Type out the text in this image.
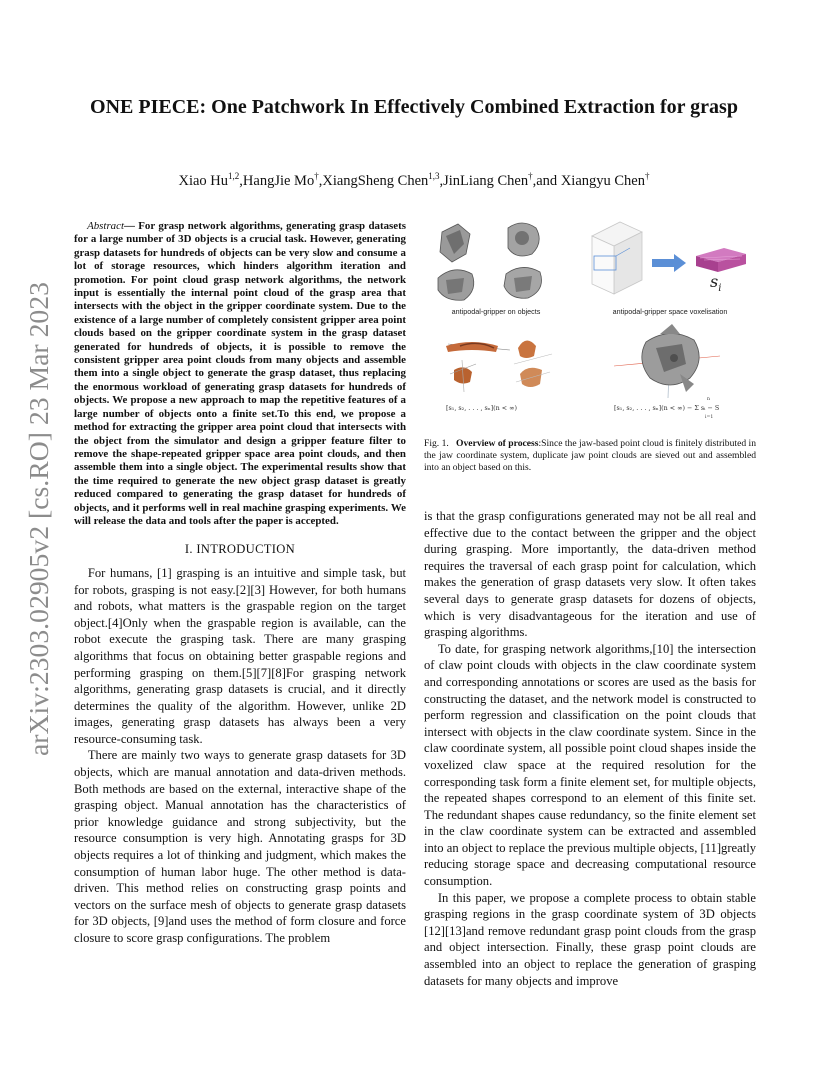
arXiv:2303.02905v2 [cs.RO] 23 Mar 2023
ONE PIECE: One Patchwork In Effectively Combined Extraction for grasp
Xiao Hu$^{1,2}$,HangJie Mo†,XiangSheng Chen$^{1,3}$,JinLiang Chen†,and Xiangyu Chen†

Abstract— For grasp network algorithms, generating grasp datasets for a large number of 3D objects is a crucial task. However, generating grasp datasets for hundreds of objects can be very slow and consume a lot of storage resources, which hinders algorithm iteration and promotion. For point cloud grasp network algorithms, the network input is essentially the internal point cloud of the grasp area that intersects with the object in the gripper coordinate system. Due to the existence of a large number of completely consistent gripper area point clouds based on the gripper coordinate system in the grasp dataset generated for hundreds of objects, it is possible to remove the consistent gripper area point clouds from many objects and assemble them into a single object to generate the grasp dataset, thus replacing the enormous workload of generating grasp datasets for hundreds of objects. We propose a new approach to map the repetitive features of a large number of objects onto a finite set.To this end, we propose a method for extracting the gripper area point cloud that intersects with the object from the simulator and design a gripper feature filter to remove the shape-repeated gripper space area point clouds, and then assemble them into a single object. The experimental results show that the time required to generate the new object grasp dataset is greatly reduced compared to generating the grasp dataset for hundreds of objects, and it performs well in real machine grasping experiments. We will release the data and tools after the paper is accepted.

I. INTRODUCTION

For humans, [1] grasping is an intuitive and simple task, but for robots, grasping is not easy.[2][3] However, for both humans and robots, what matters is the graspable region on the target object.[4]Only when the graspable region is available, can the robot execute the grasping task. There are many grasping algorithms that focus on obtaining better graspable regions and performing grasping on them.[5][7][8]For grasping network algorithms, generating grasp datasets is crucial, and it directly determines the quality of the algorithm. However, unlike 2D images, generating grasp datasets has always been a very resource-consuming task.

There are mainly two ways to generate grasp datasets for 3D objects, which are manual annotation and data-driven methods. Both methods are based on the external, interactive shape of the grasping object. Manual annotation has the characteristics of prior knowledge guidance and strong subjectivity, but the resource consumption is very high. Annotating grasps for 3D objects requires a lot of thinking and judgment, which makes the consumption of human labor huge. The other method is data-driven. This method relies on constructing grasp points and vectors on the surface mesh of objects to generate grasp datasets for 3D objects, [9]and uses the method of form closure and force closure to score grasp configurations. The problem

antipodal-gripper on objects
$s_i$
antipodal-gripper space voxelisation
[s₁, s₂, . . . , sₙ](n < ∞)	[s₁, s₂, . . . , sₙ](n < ∞) − Σ sᵢ − S
n
i=1
Fig. 1. Overview of process:Since the jaw-based point cloud is finitely distributed in the jaw coordinate system, duplicate jaw point clouds are sieved out and assembled into an object based on this.

is that the grasp configurations generated may not be all real and effective due to the contact between the gripper and the object during grasping. More importantly, the data-driven method requires the traversal of each grasp point for calculation, which makes the generation of grasp datasets very slow. It often takes several days to generate grasp datasets for dozens of objects, which is very disadvantageous for the iteration and use of grasping algorithms.

To date, for grasping network algorithms,[10] the intersection of claw point clouds with objects in the claw coordinate system and corresponding annotations or scores are used as the basis for constructing the dataset, and the network model is constructed to perform regression and classification on the point clouds that intersect with objects in the claw coordinate system. Since in the claw coordinate system, all possible point cloud shapes inside the voxelized claw space at the required resolution for the corresponding task form a finite element set, for multiple objects, the repeated shapes correspond to an element of this finite set. The redundant shapes cause redundancy, so the finite element set in the claw coordinate system can be extracted and assembled into an object to replace the previous multiple objects, [11]greatly reducing storage space and decreasing computational resource consumption.

In this paper, we propose a complete process to obtain stable grasping regions in the grasp coordinate system of 3D objects [12][13]and remove redundant grasp point clouds from the grasp and object intersection. Finally, these grasp point clouds are assembled into an object to replace the generation of grasping datasets for many objects and improve
